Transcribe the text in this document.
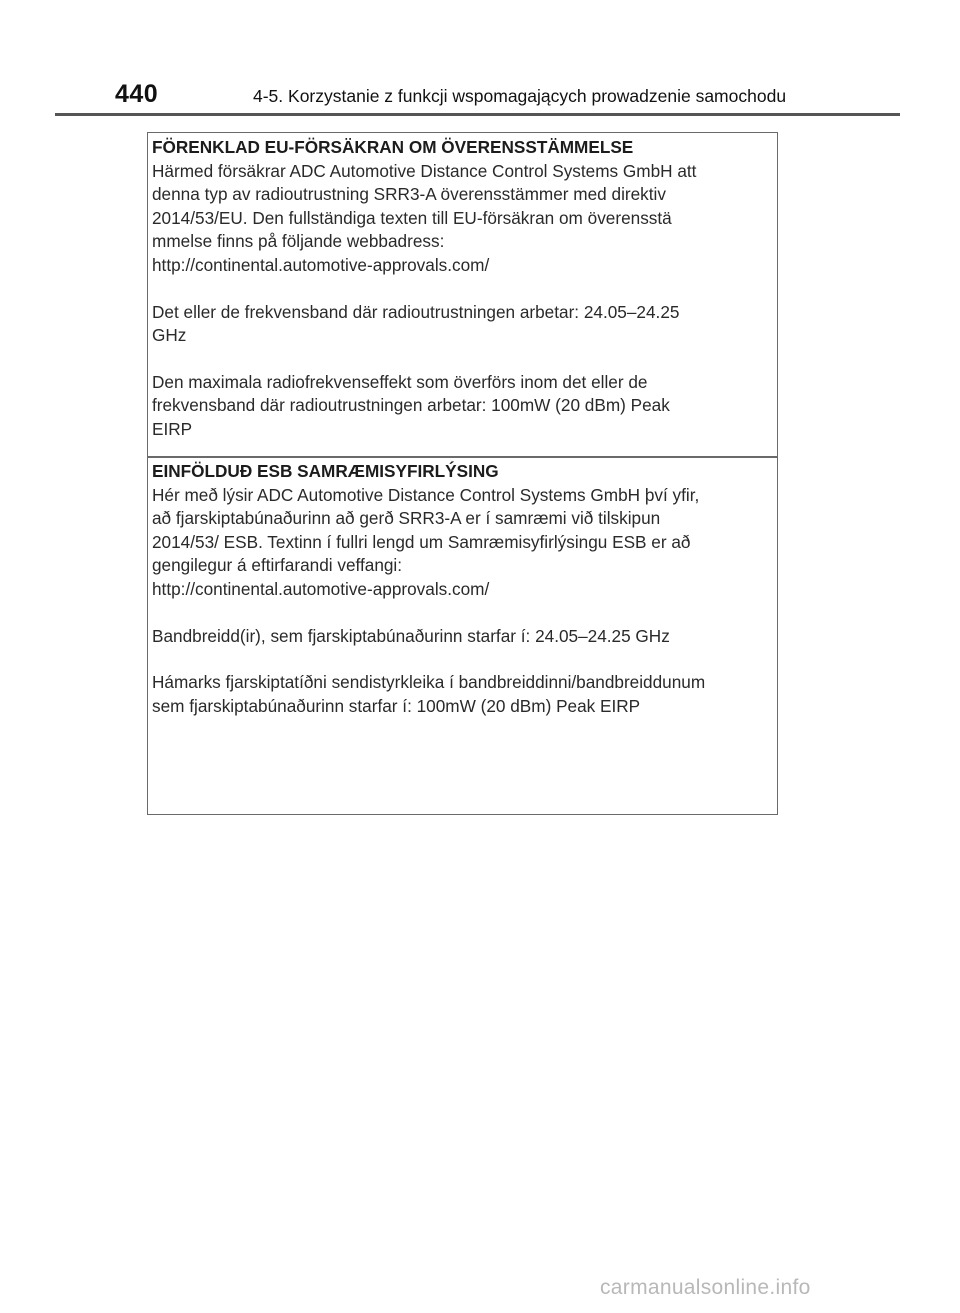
440	4-5. Korzystanie z funkcji wspomagających prowadzenie samochodu
FÖRENKLAD EU-FÖRSÄKRAN OM ÖVERENSSTÄMMELSE

Härmed försäkrar ADC Automotive Distance Control Systems GmbH att
denna typ av radioutrustning SRR3-A överensstämmer med direktiv
2014/53/EU. Den fullständiga texten till EU-försäkran om överensstä
mmelse finns på följande webbadress:
http://continental.automotive-approvals.com/

Det eller de frekvensband där radioutrustningen arbetar: 24.05–24.25
GHz

Den maximala radiofrekvenseffekt som överförs inom det eller de
frekvensband där radioutrustningen arbetar: 100mW (20 dBm) Peak
EIRP

EINFÖLDUÐ ESB SAMRÆMISYFIRLÝSING

Hér með lýsir ADC Automotive Distance Control Systems GmbH því yfir,
að fjarskiptabúnaðurinn að gerð SRR3-A er í samræmi við tilskipun
2014/53/ ESB. Textinn í fullri lengd um Samræmisyfirlýsingu ESB er að
gengilegur á eftirfarandi veffangi:
http://continental.automotive-approvals.com/

Bandbreidd(ir), sem fjarskiptabúnaðurinn starfar í: 24.05–24.25 GHz

Hámarks fjarskiptatíðni sendistyrkleika í bandbreiddinni/bandbreiddunum
sem fjarskiptabúnaðurinn starfar í: 100mW (20 dBm) Peak EIRP

carmanualsonline.info
